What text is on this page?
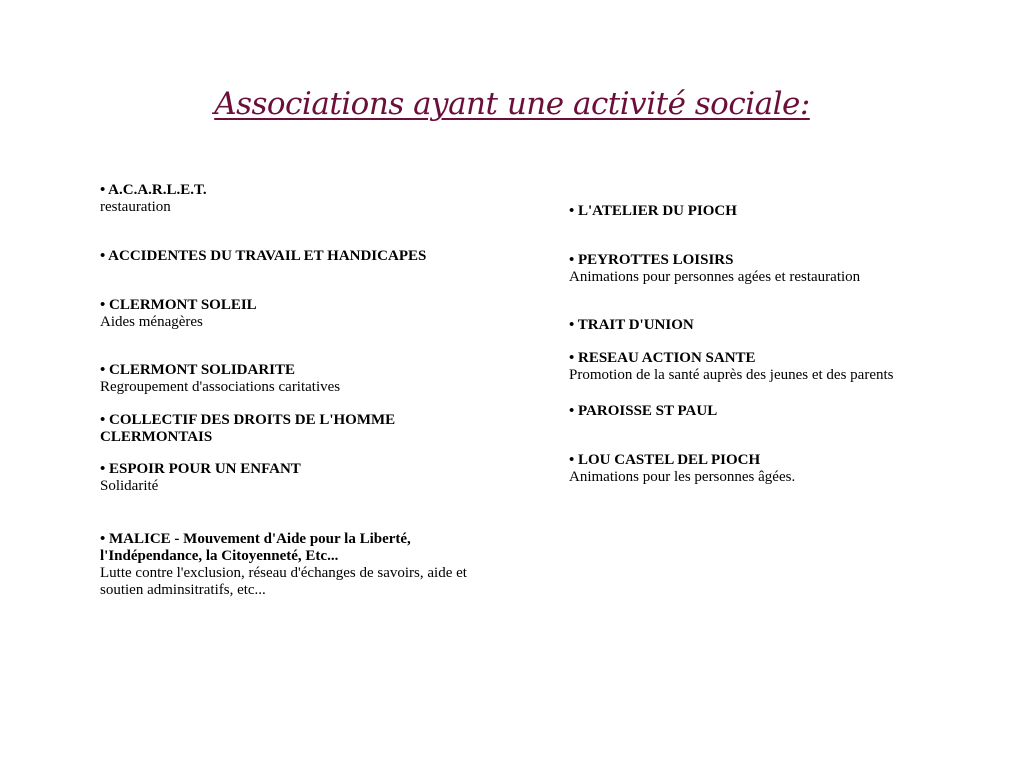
Associations ayant une activité sociale:
• A.C.A.R.L.E.T.
restauration
• ACCIDENTES DU TRAVAIL ET HANDICAPES
• CLERMONT SOLEIL
Aides ménagères
• CLERMONT SOLIDARITE
Regroupement d'associations caritatives
• COLLECTIF DES DROITS DE L'HOMME CLERMONTAIS
• ESPOIR POUR UN ENFANT
Solidarité
• MALICE - Mouvement d'Aide pour la Liberté, l'Indépendance, la Citoyenneté, Etc...
Lutte contre l'exclusion, réseau d'échanges de savoirs, aide et soutien adminsitratifs, etc...
• L'ATELIER DU PIOCH
• PEYROTTES LOISIRS
Animations pour personnes agées et restauration
• TRAIT D'UNION
• RESEAU ACTION SANTE
Promotion de la santé auprès des jeunes et des parents
• PAROISSE ST PAUL
• LOU CASTEL DEL PIOCH
Animations pour les personnes âgées.
